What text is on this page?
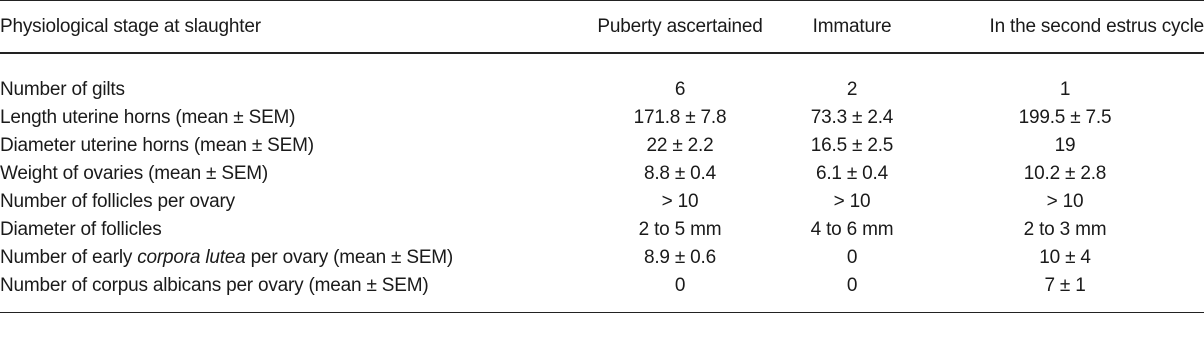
Physiological stage at slaughter	Puberty ascertained	Immature	In the second estrus cycle

Number of gilts	6	2	1
Length uterine horns (mean ± SEM)	171.8 ± 7.8	73.3 ± 2.4	199.5 ± 7.5
Diameter uterine horns (mean ± SEM)	22 ± 2.2	16.5 ± 2.5	19
Weight of ovaries (mean ± SEM)	8.8 ± 0.4	6.1 ± 0.4	10.2 ± 2.8
Number of follicles per ovary	> 10	> 10	> 10
Diameter of follicles	2 to 5 mm	4 to 6 mm	2 to 3 mm
Number of early corpora lutea per ovary (mean ± SEM)	8.9 ± 0.6	0	10 ± 4
Number of corpus albicans per ovary (mean ± SEM)	0	0	7 ± 1
